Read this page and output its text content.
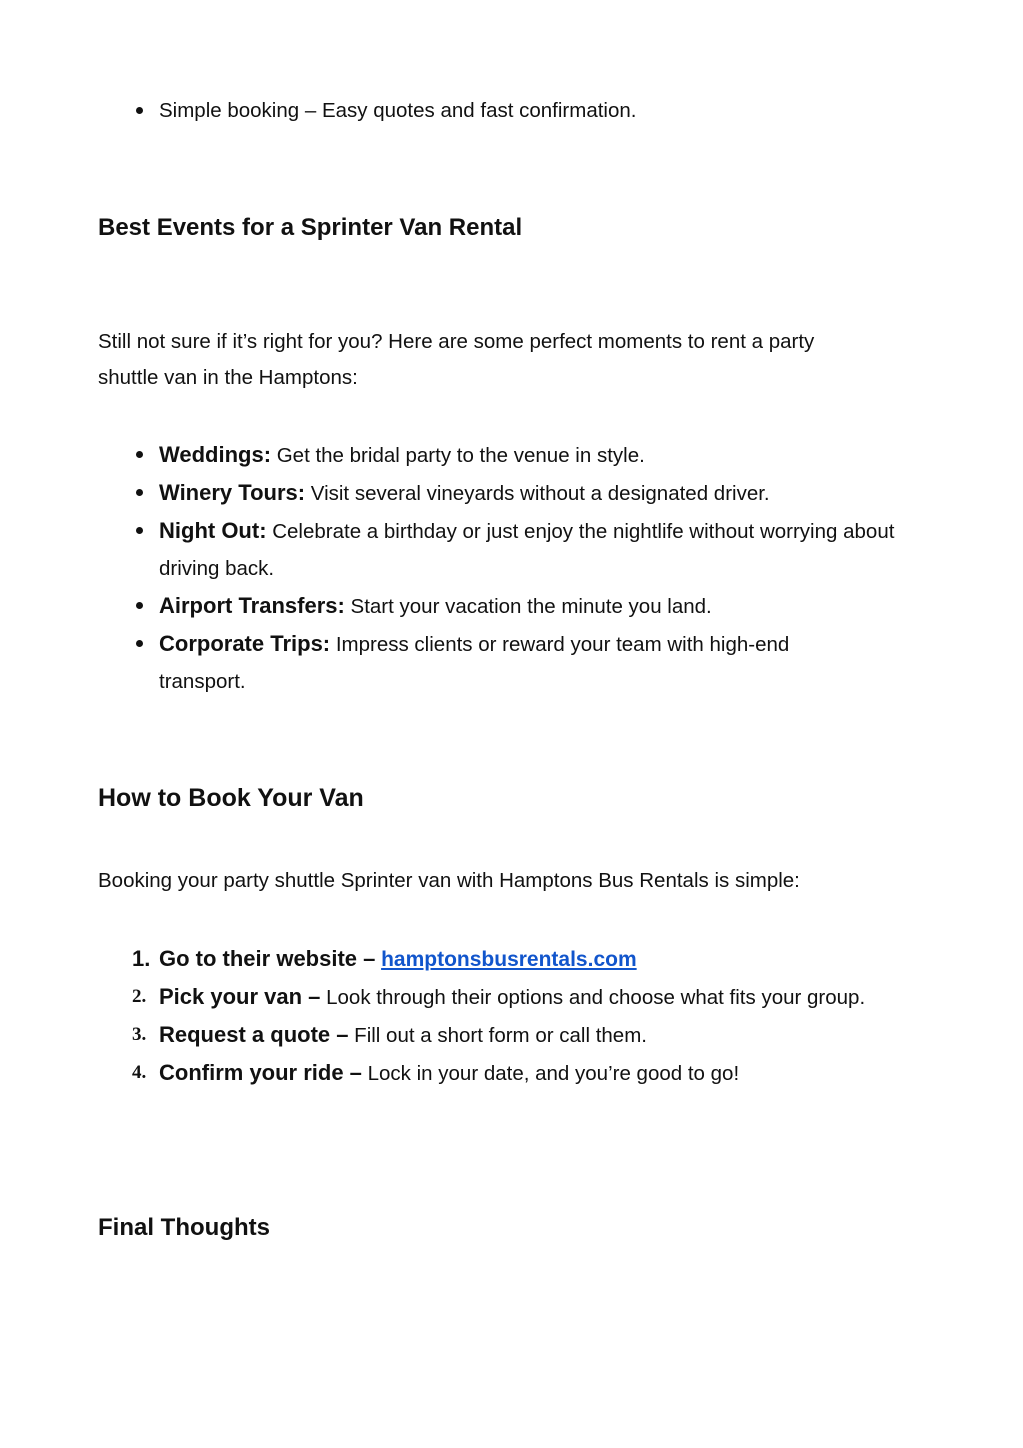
Simple booking – Easy quotes and fast confirmation.
Best Events for a Sprinter Van Rental

Still not sure if it’s right for you? Here are some perfect moments to rent a party

shuttle van in the Hamptons:

Weddings: Get the bridal party to the venue in style.
Winery Tours: Visit several vineyards without a designated driver.
Night Out: Celebrate a birthday or just enjoy the nightlife without worrying about driving back.
Airport Transfers: Start your vacation the minute you land.
Corporate Trips: Impress clients or reward your team with high-end transport.
How to Book Your Van

Booking your party shuttle Sprinter van with Hamptons Bus Rentals is simple:

1. Go to their website – hamptonsbusrentals.com
2. Pick your van – Look through their options and choose what fits your group.
3. Request a quote – Fill out a short form or call them.
4. Confirm your ride – Lock in your date, and you’re good to go!
Final Thoughts
